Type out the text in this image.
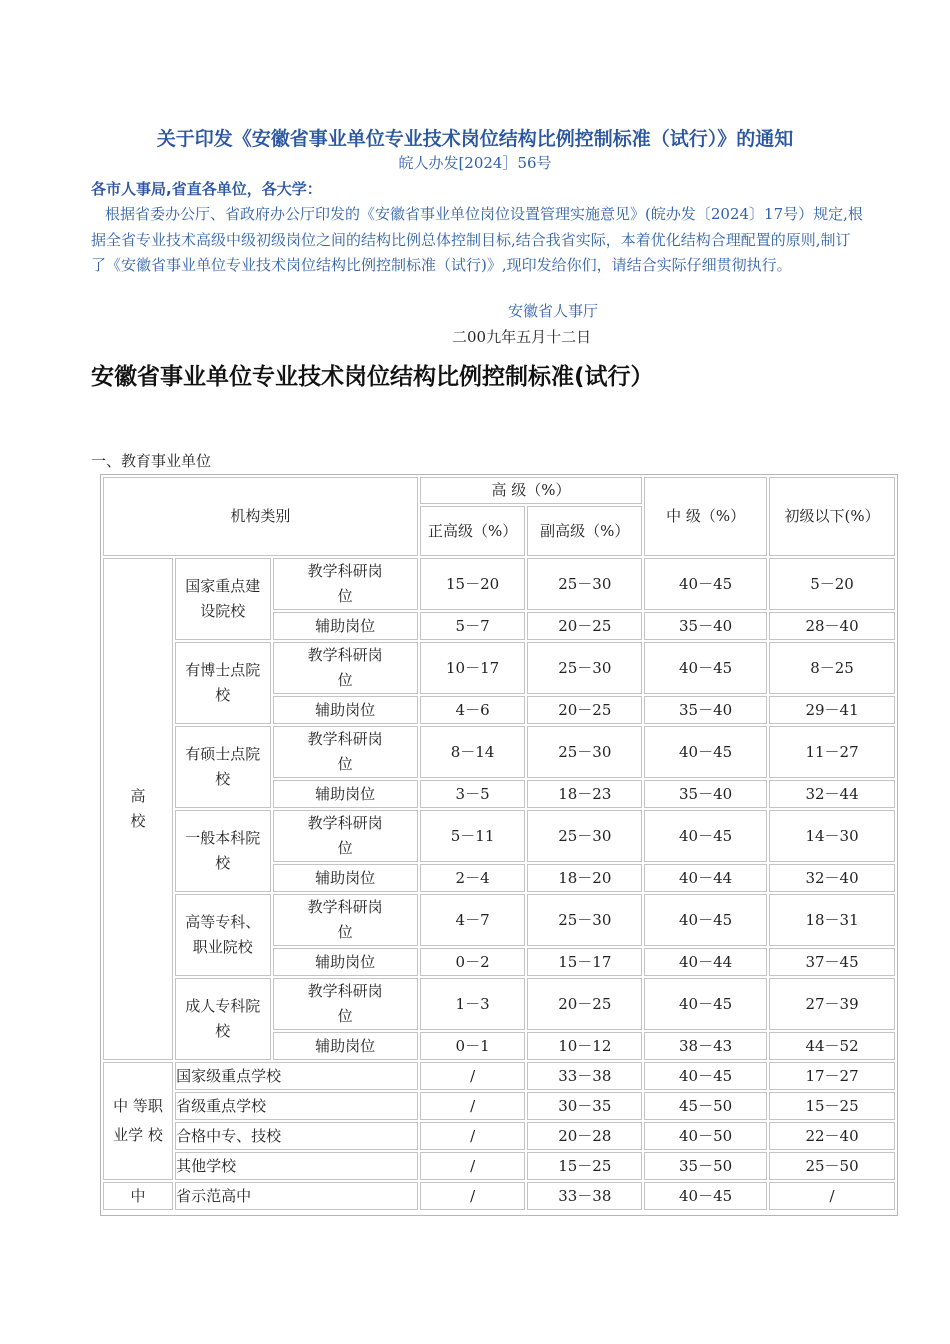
关于印发《安徽省事业单位专业技术岗位结构比例控制标准（试行）》的通知
皖人办发[2024］56号
各市人事局,省直各单位，各大学：
根据省委办公厅、省政府办公厅印发的《安徽省事业单位岗位设置管理实施意见》(皖办发〔2024〕17号）规定,根据全省专业技术高级中级初级岗位之间的结构比例总体控制目标,结合我省实际，本着优化结构合理配置的原则,制订了《安徽省事业单位专业技术岗位结构比例控制标准（试行)》,现印发给你们，请结合实际仔细贯彻执行。
安徽省人事厅
二00九年五月十二日
安徽省事业单位专业技术岗位结构比例控制标准(试行）
一、教育事业单位
机构类别			高 级（%）		中 级（%）	初级以下(%）
			正高级（%）	副高级（%）		
高校	国家重点建设院校	教学科研岗位	15－20	25－30	40－45	5－20
		辅助岗位	5－7	20－25	35－40	28－40
	有博士点院校	教学科研岗位	10－17	25－30	40－45	8－25
		辅助岗位	4－6	20－25	35－40	29－41
	有硕士点院校	教学科研岗位	8－14	25－30	40－45	11－27
		辅助岗位	3－5	18－23	35－40	32－44
	一般本科院校	教学科研岗位	5－11	25－30	40－45	14－30
		辅助岗位	2－4	18－20	40－44	32－40
	高等专科、职业院校	教学科研岗位	4－7	25－30	40－45	18－31
		辅助岗位	0－2	15－17	40－44	37－45
	成人专科院校	教学科研岗位	1－3	20－25	40－45	27－39
		辅助岗位	0－1	10－12	38－43	44－52
中 等职业学 校	国家级重点学校		/	33－38	40－45	17－27
	省级重点学校		/	30－35	45－50	15－25
	合格中专、技校		/	20－28	40－50	22－40
	其他学校		/	15－25	35－50	25－50
中	省示范高中		/	33－38	40－45	/
